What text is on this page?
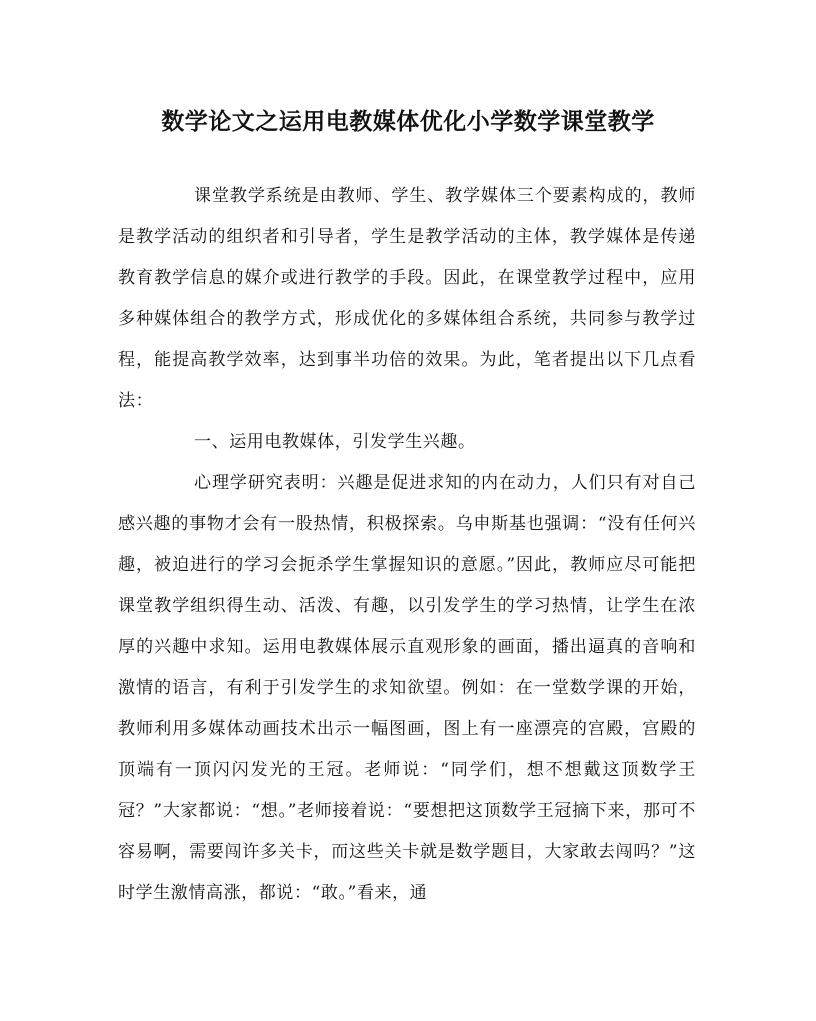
数学论文之运用电教媒体优化小学数学课堂教学

课堂教学系统是由教师、学生、教学媒体三个要素构成的，教师是教学活动的组织者和引导者，学生是教学活动的主体，教学媒体是传递教育教学信息的媒介或进行教学的手段。因此，在课堂教学过程中，应用多种媒体组合的教学方式，形成优化的多媒体组合系统，共同参与教学过程，能提高教学效率，达到事半功倍的效果。为此，笔者提出以下几点看法：

一、运用电教媒体，引发学生兴趣。

心理学研究表明：兴趣是促进求知的内在动力，人们只有对自己感兴趣的事物才会有一股热情，积极探索。乌申斯基也强调：“没有任何兴趣，被迫进行的学习会扼杀学生掌握知识的意愿。”因此，教师应尽可能把课堂教学组织得生动、活泼、有趣，以引发学生的学习热情，让学生在浓厚的兴趣中求知。运用电教媒体展示直观形象的画面，播出逼真的音响和激情的语言，有利于引发学生的求知欲望。例如：在一堂数学课的开始，教师利用多媒体动画技术出示一幅图画，图上有一座漂亮的宫殿，宫殿的顶端有一顶闪闪发光的王冠。老师说：“同学们，想不想戴这顶数学王冠？”大家都说：“想。”老师接着说：“要想把这顶数学王冠摘下来，那可不容易啊，需要闯许多关卡，而这些关卡就是数学题目，大家敢去闯吗？”这时学生激情高涨，都说：“敢。”看来，通
